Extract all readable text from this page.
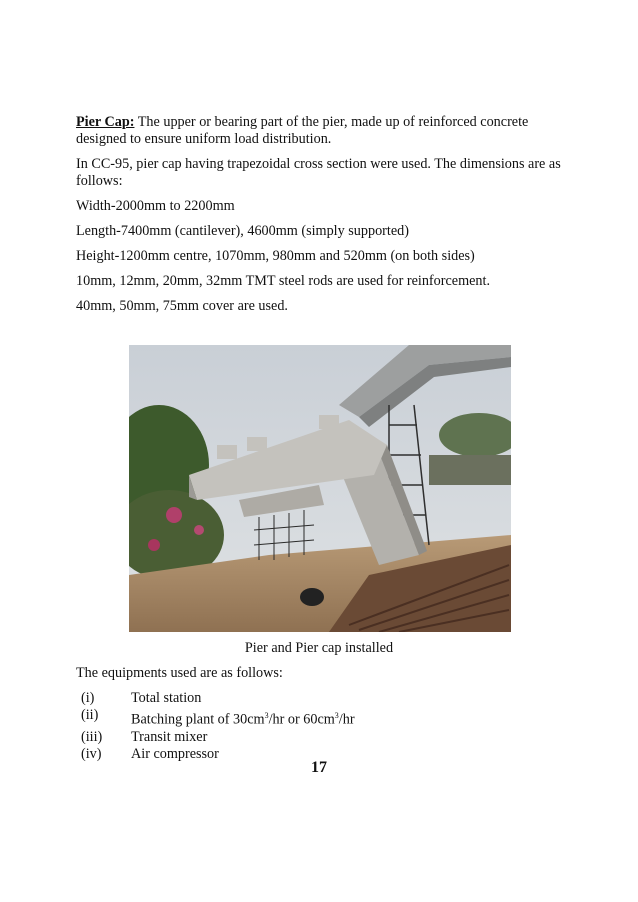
Pier Cap: The upper or bearing part of the pier, made up of reinforced concrete designed to ensure uniform load distribution.

In CC-95, pier cap having trapezoidal cross section were used. The dimensions are as follows:

Width-2000mm to 2200mm

Length-7400mm (cantilever), 4600mm (simply supported)

Height-1200mm centre, 1070mm, 980mm and 520mm (on both sides)

10mm, 12mm, 20mm, 32mm TMT steel rods are used for reinforcement.

40mm, 50mm, 75mm cover are used.

Pier and Pier cap installed

The equipments used are as follows:

(i)	Total station
(ii)	Batching plant of $30cm^3/hr$ or $60cm^3/hr$
(iii)	Transit mixer
(iv)	Air compressor
17
